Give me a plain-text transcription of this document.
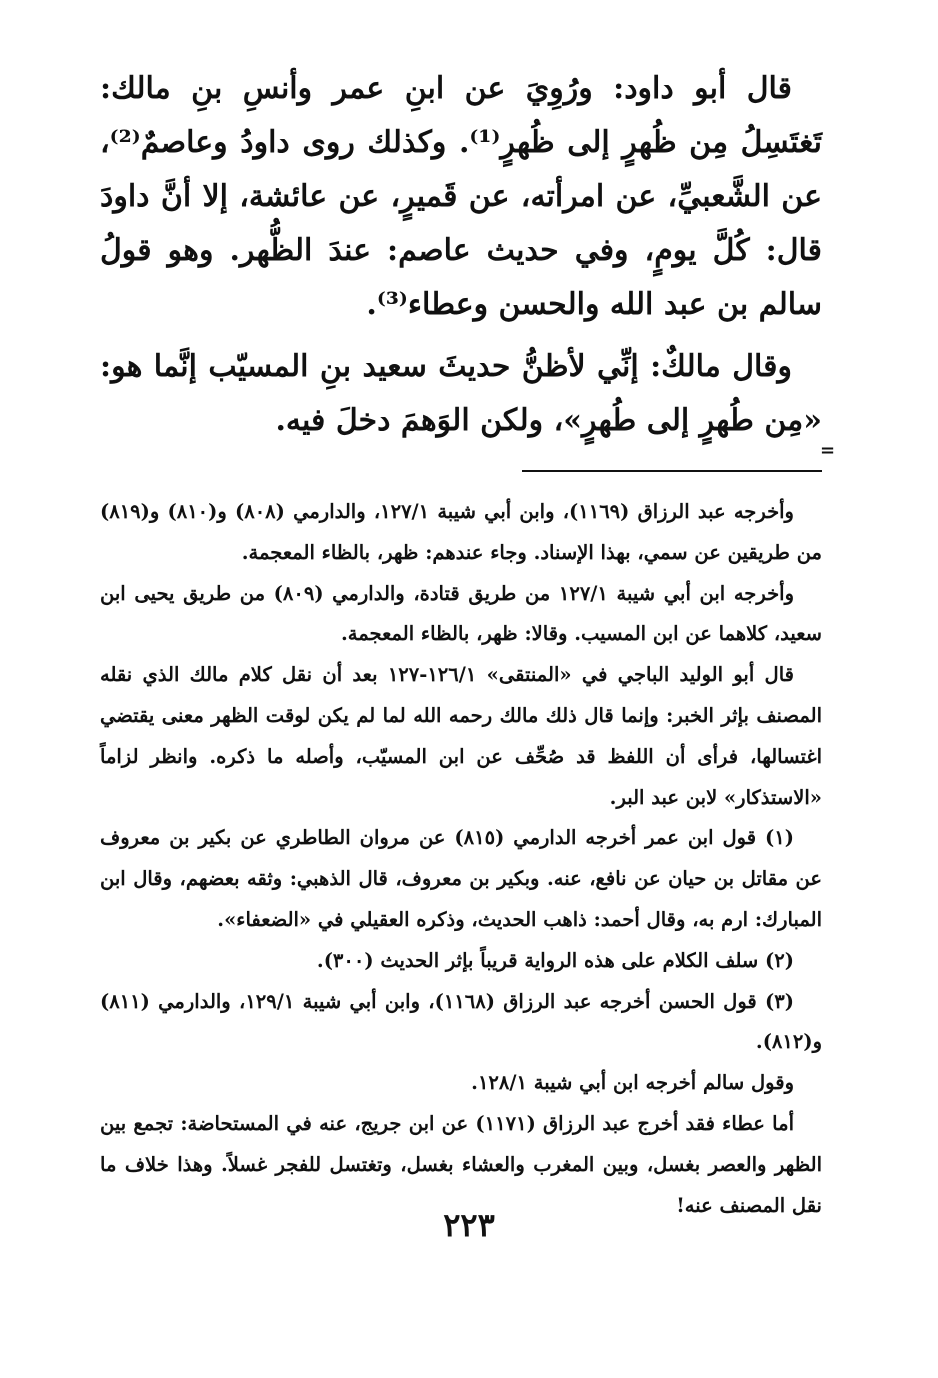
قال أبو داود: ورُوِيَ عن ابنِ عمر وأنسِ بنِ مالك: تَغتَسِلُ مِن ظُهرٍ إلى ظُهرٍ⁽¹⁾. وكذلك روى داودُ وعاصمٌ⁽²⁾، عن الشَّعبيِّ، عن امرأته، عن قَميرٍ، عن عائشة، إلا أنَّ داودَ قال: كُلَّ يومٍ، وفي حديث عاصم: عندَ الظُّهر. وهو قولُ سالم بن عبد الله والحسن وعطاء⁽³⁾.

وقال مالكٌ: إنِّي لأظنُّ حديثَ سعيد بنِ المسيّب إنَّما هو: «مِن طُهرٍ إلى طُهرٍ»، ولكن الوَهمَ دخلَ فيه.

وأخرجه عبد الرزاق (١١٦٩)، وابن أبي شيبة ١٢٧/١، والدارمي (٨٠٨) و(٨١٠) و(٨١٩) من طريقين عن سمي، بهذا الإسناد. وجاء عندهم: ظهر، بالظاء المعجمة.

وأخرجه ابن أبي شيبة ١٢٧/١ من طريق قتادة، والدارمي (٨٠٩) من طريق يحيى ابن سعيد، كلاهما عن ابن المسيب. وقالا: ظهر، بالظاء المعجمة.

قال أبو الوليد الباجي في «المنتقى» ١٢٦/١-١٢٧ بعد أن نقل كلام مالك الذي نقله المصنف بإثر الخبر: وإنما قال ذلك مالك رحمه الله لما لم يكن لوقت الظهر معنى يقتضي اغتسالها، فرأى أن اللفظ قد صُحِّف عن ابن المسيّب، وأصله ما ذكره. وانظر لزاماً «الاستذكار» لابن عبد البر.

(١) قول ابن عمر أخرجه الدارمي (٨١٥) عن مروان الطاطري عن بكير بن معروف عن مقاتل بن حيان عن نافع، عنه. وبكير بن معروف، قال الذهبي: وثقه بعضهم، وقال ابن المبارك: ارم به، وقال أحمد: ذاهب الحديث، وذكره العقيلي في «الضعفاء».

(٢) سلف الكلام على هذه الرواية قريباً بإثر الحديث (٣٠٠).

(٣) قول الحسن أخرجه عبد الرزاق (١١٦٨)، وابن أبي شيبة ١٢٩/١، والدارمي (٨١١) و(٨١٢).

وقول سالم أخرجه ابن أبي شيبة ١٢٨/١.

أما عطاء فقد أخرج عبد الرزاق (١١٧١) عن ابن جريج، عنه في المستحاضة: تجمع بين الظهر والعصر بغسل، وبين المغرب والعشاء بغسل، وتغتسل للفجر غسلاً. وهذا خلاف ما نقل المصنف عنه!

=
٢٢٣
